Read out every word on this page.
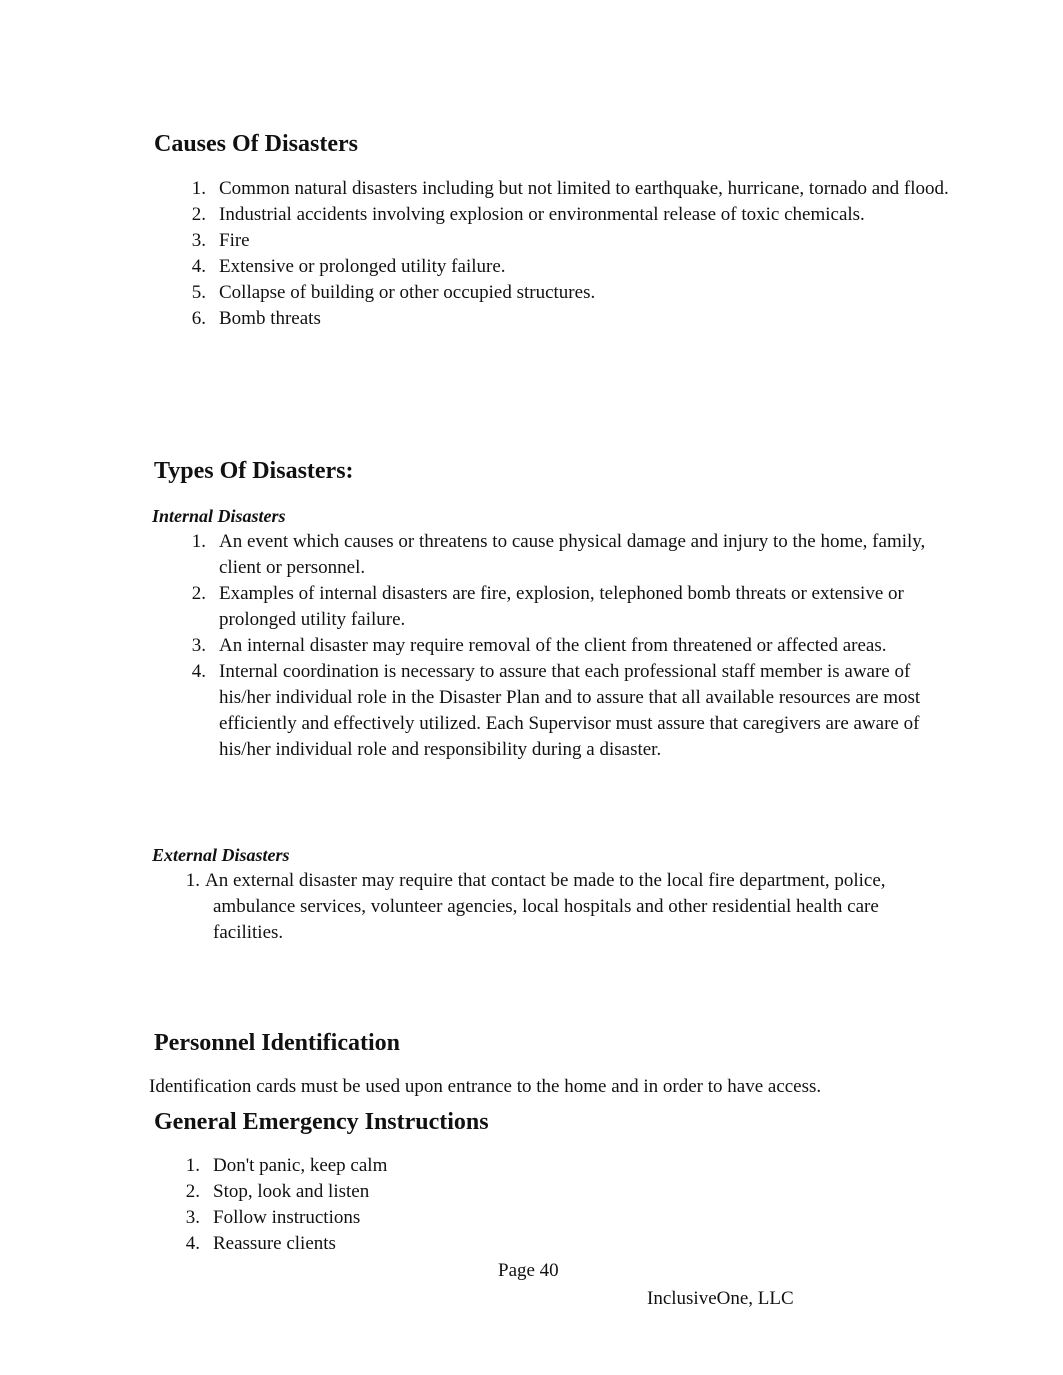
Causes Of Disasters
1. Common natural disasters including but not limited to earthquake, hurricane, tornado and flood.
2. Industrial accidents involving explosion or environmental release of toxic chemicals.
3. Fire
4. Extensive or prolonged utility failure.
5. Collapse of building or other occupied structures.
6. Bomb threats
Types Of Disasters:
Internal Disasters
1. An event which causes or threatens to cause physical damage and injury to the home, family, client or personnel.
2. Examples of internal disasters are fire, explosion, telephoned bomb threats or extensive or prolonged utility failure.
3. An internal disaster may require removal of the client from threatened or affected areas.
4. Internal coordination is necessary to assure that each professional staff member is aware of his/her individual role in the Disaster Plan and to assure that all available resources are most efficiently and effectively utilized. Each Supervisor must assure that caregivers are aware of his/her individual role and responsibility during a disaster.
External Disasters
1. An external disaster may require that contact be made to the local fire department, police, ambulance services, volunteer agencies, local hospitals and other residential health care facilities.
Personnel Identification

Identification cards must be used upon entrance to the home and in order to have access.

General Emergency Instructions
1. Don't panic, keep calm
2. Stop, look and listen
3. Follow instructions
4. Reassure clients

Page 40

InclusiveOne, LLC
